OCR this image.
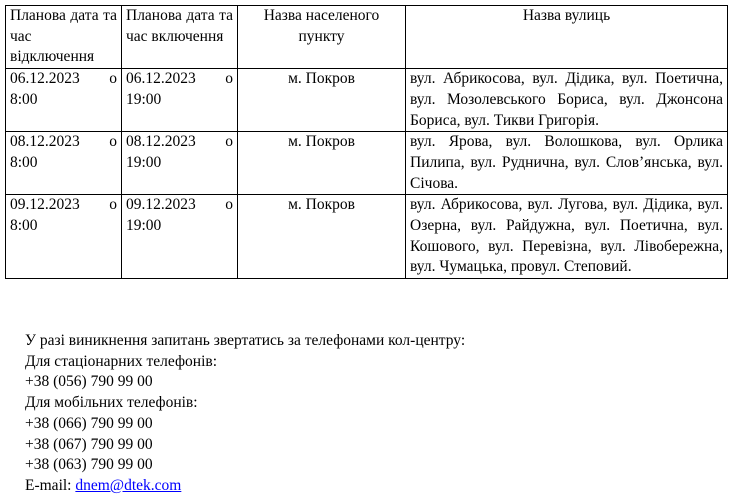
Планова дата та час відключення	Планова дата та час включення	Назва населеного пункту	Назва вулиць
06.12.2023 о 8:00	06.12.2023 о 19:00	м. Покров	вул. Абрикосова, вул. Дідика, вул. Поетична, вул. Мозолевського Бориса, вул. Джонсона Бориса, вул. Тикви Григорія.
08.12.2023 о 8:00	08.12.2023 о 19:00	м. Покров	вул. Ярова, вул. Волошкова, вул. Орлика Пилипа, вул. Руднична, вул. Слов’янська, вул. Січова.
09.12.2023 о 8:00	09.12.2023 о 19:00	м. Покров	вул. Абрикосова, вул. Лугова, вул. Дідика, вул. Озерна, вул. Райдужна, вул. Поетична, вул. Кошового, вул. Перевізна, вул. Лівобережна, вул. Чумацька, провул. Степовий.
У разі виникнення запитань звертатись за телефонами кол-центру:
Для стаціонарних телефонів:
+38 (056) 790 99 00
Для мобільних телефонів:
+38 (066) 790 99 00
+38 (067) 790 99 00
+38 (063) 790 99 00
E-mail: dnem@dtek.com
